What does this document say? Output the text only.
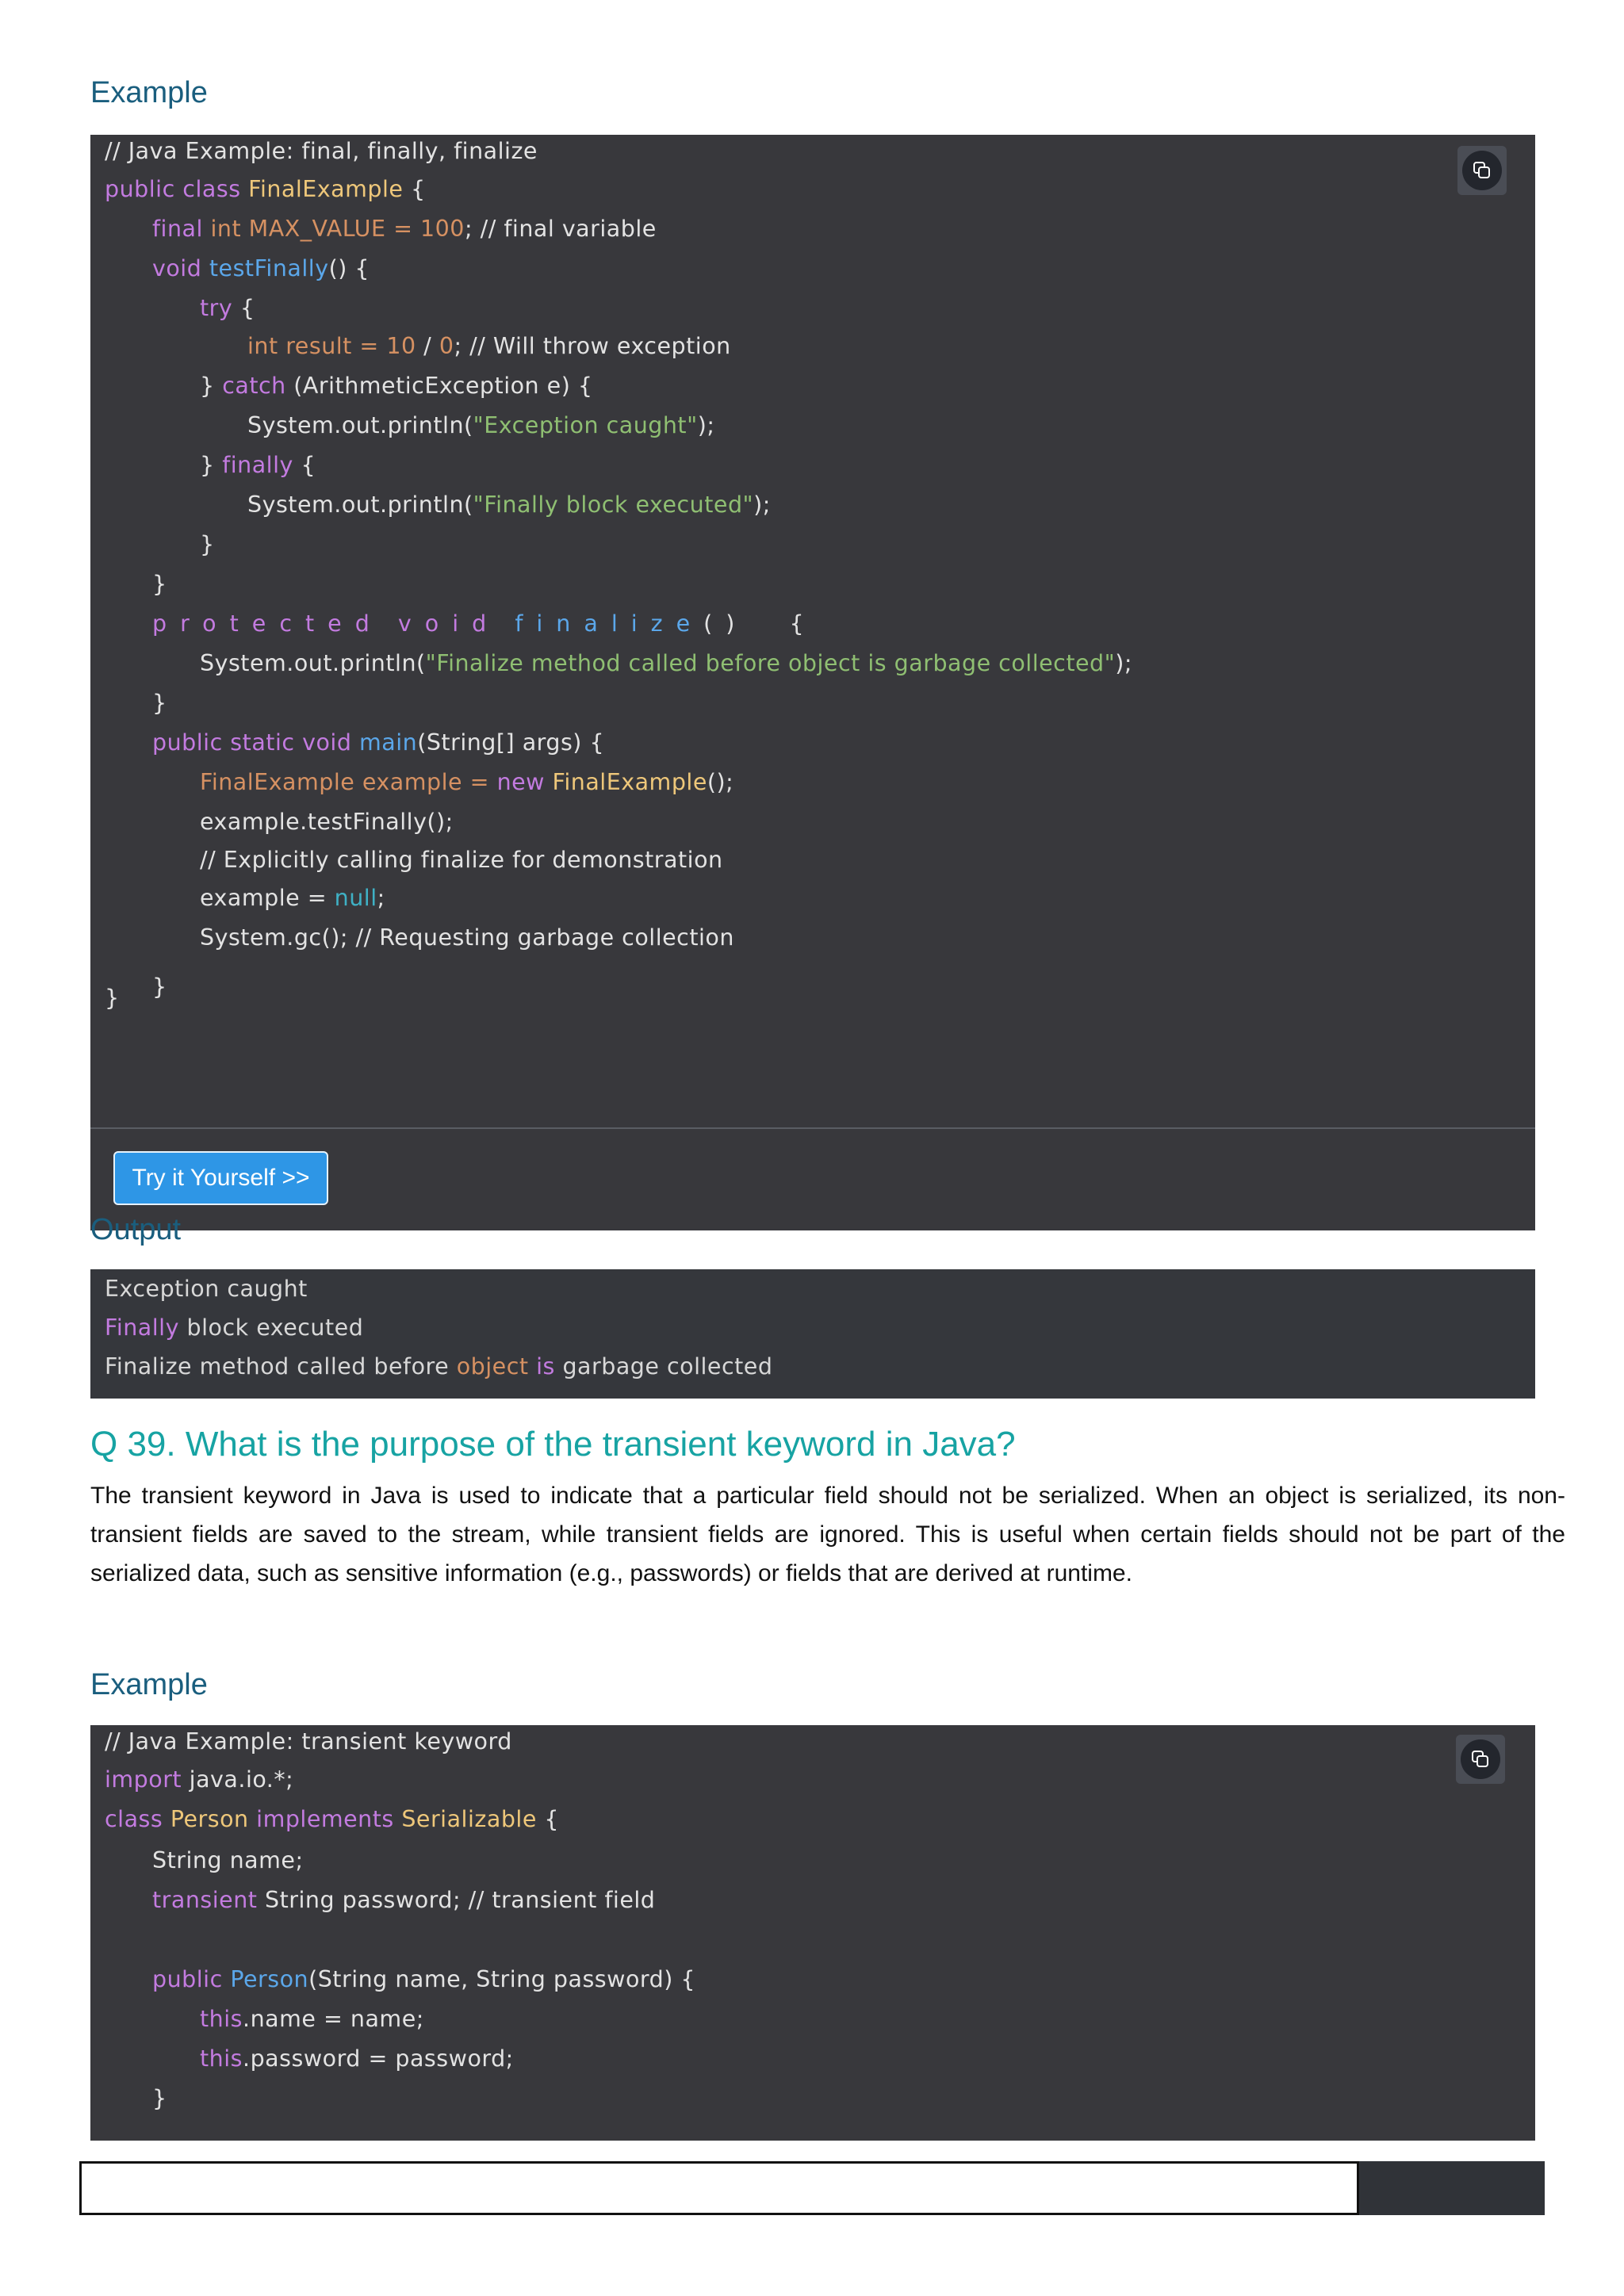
Example
Try it Yourself >>
// Java Example: final, finally, finalize
public class FinalExample {
final int MAX_VALUE = 100; // final variable
void testFinally() {
try {
int result = 10 / 0; // Will throw exception
} catch (ArithmeticException e) {
System.out.println("Exception caught");
} finally {
System.out.println("Finally block executed");
}
}
protected void finalize()  {
System.out.println("Finalize method called before object is garbage collected");
}
public static void main(String[] args) {
FinalExample example = new FinalExample();
example.testFinally();
// Explicitly calling finalize for demonstration
example = null;
System.gc(); // Requesting garbage collection
}
}
Output
Exception caught
Finally block executed
Finalize method called before object is garbage collected
Q 39. What is the purpose of the transient keyword in Java?
The transient keyword in Java is used to indicate that a particular field should not be serialized. When an object is serialized, its non-transient fields are saved to the stream, while transient fields are ignored. This is useful when certain fields should not be part of the serialized data, such as sensitive information (e.g., passwords) or fields that are derived at runtime.
Example
// Java Example: transient keyword
import java.io.*;
class Person implements Serializable {
String name;
transient String password; // transient field
public Person(String name, String password) {
this.name = name;
this.password = password;
}
